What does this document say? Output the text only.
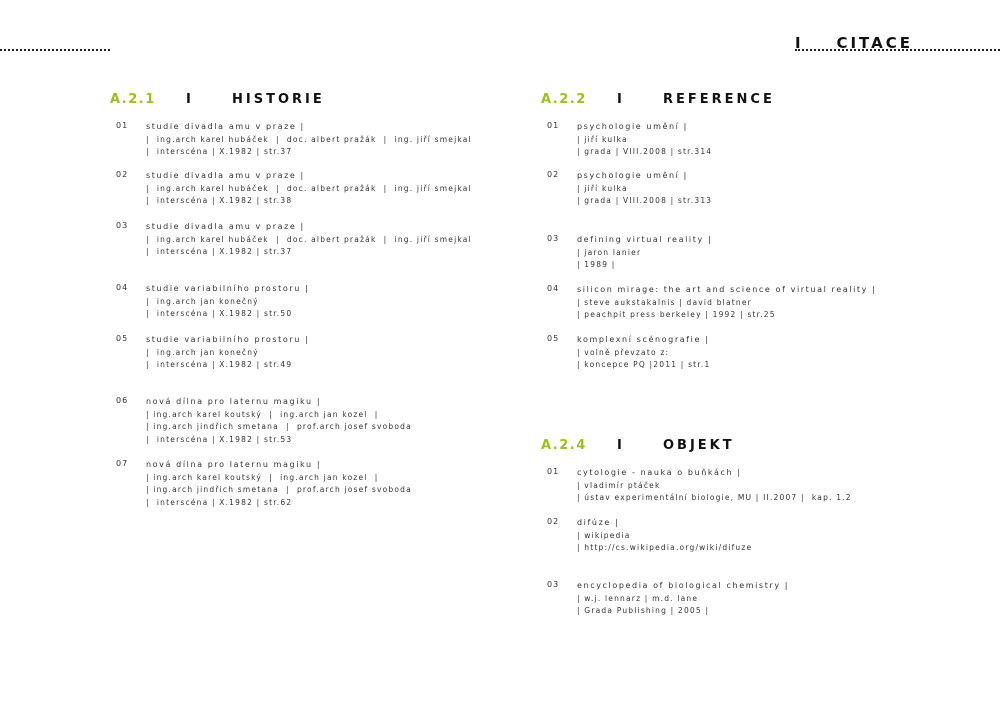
I    CITACE
A.2.1 I	HISTORIE
01 studie divadla amu v praze |
|  ing.arch karel hubáček  |  doc. albert pražák  |  ing. jiří smejkal
|  interscéna | X.1982 | str.37
02 studie divadla amu v praze |
|  ing.arch karel hubáček  |  doc. albert pražák  |  ing. jiří smejkal
|  interscéna | X.1982 | str.38
03 studie divadla amu v praze |
|  ing.arch karel hubáček  |  doc. albert pražák  |  ing. jiří smejkal
|  interscéna | X.1982 | str.37
04 studie variabilního prostoru |
|  ing.arch jan konečný
|  interscéna | X.1982 | str.50
05 studie variabilního prostoru |
|  ing.arch jan konečný
|  interscéna | X.1982 | str.49
06 nová dílna pro laternu magiku |
| ing.arch karel koutský  |  ing.arch jan kozel  |
| ing.arch jindřich smetana  |  prof.arch josef svoboda
|  interscéna | X.1982 | str.53
07 nová dílna pro laternu magiku |
| ing.arch karel koutský  |  ing.arch jan kozel  |
| ing.arch jindřich smetana  |  prof.arch josef svoboda
|  interscéna | X.1982 | str.62
A.2.2 I	REFERENCE
01 psychologie umění |
| jiří kulka
| grada | VIII.2008 | str.314
02 psychologie umění |
| jiří kulka
| grada | VIII.2008 | str.313
03 defining virtual reality |
| jaron lanier
| 1989 |
04 silicon mirage: the art and science of virtual reality |
| steve aukstakalnis | david blatner
| peachpit press berkeley | 1992 | str.25
05 komplexní scénografie |
| volně převzato z:
| koncepce PQ |2011 | str.1
A.2.4 I	OBJEKT
01 cytologie - nauka o buňkách |
| vladimír ptáček
| ústav experimentální biologie, MU | II.2007 |  kap. 1.2
02 difúze |
| wikipedia
| http://cs.wikipedia.org/wiki/difuze
03 encyclopedia of biological chemistry |
| w.j. lennarz | m.d. lane
| Grada Publishing | 2005 |
